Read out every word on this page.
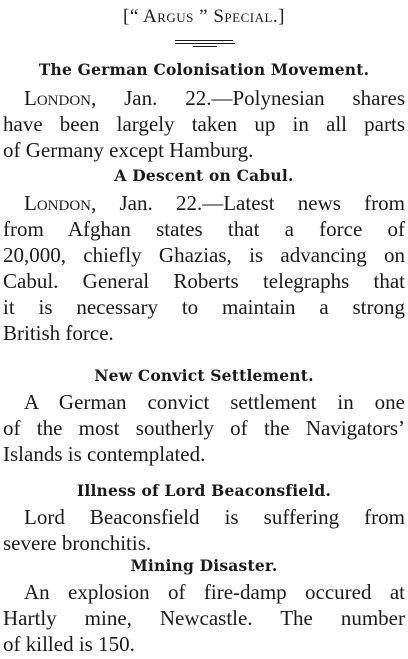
[“ Argus ” Special.]
The German Colonisation Movement.
London, Jan. 22.—Polynesian shares
have been largely taken up in all parts
of Germany except Hamburg.
A Descent on Cabul.
London, Jan. 22.—Latest news from
from Afghan states that a force of
20,000, chiefly Ghazias, is advancing on
Cabul. General Roberts telegraphs that
it is necessary to maintain a strong
British force.
New Convict Settlement.
A German convict settlement in one
of the most southerly of the Navigators’
Islands is contemplated.
Illness of Lord Beaconsfield.
Lord Beaconsfield is suffering from
severe bronchitis.
Mining Disaster.
An explosion of fire-damp occured at
Hartly mine, Newcastle. The number
of killed is 150.
